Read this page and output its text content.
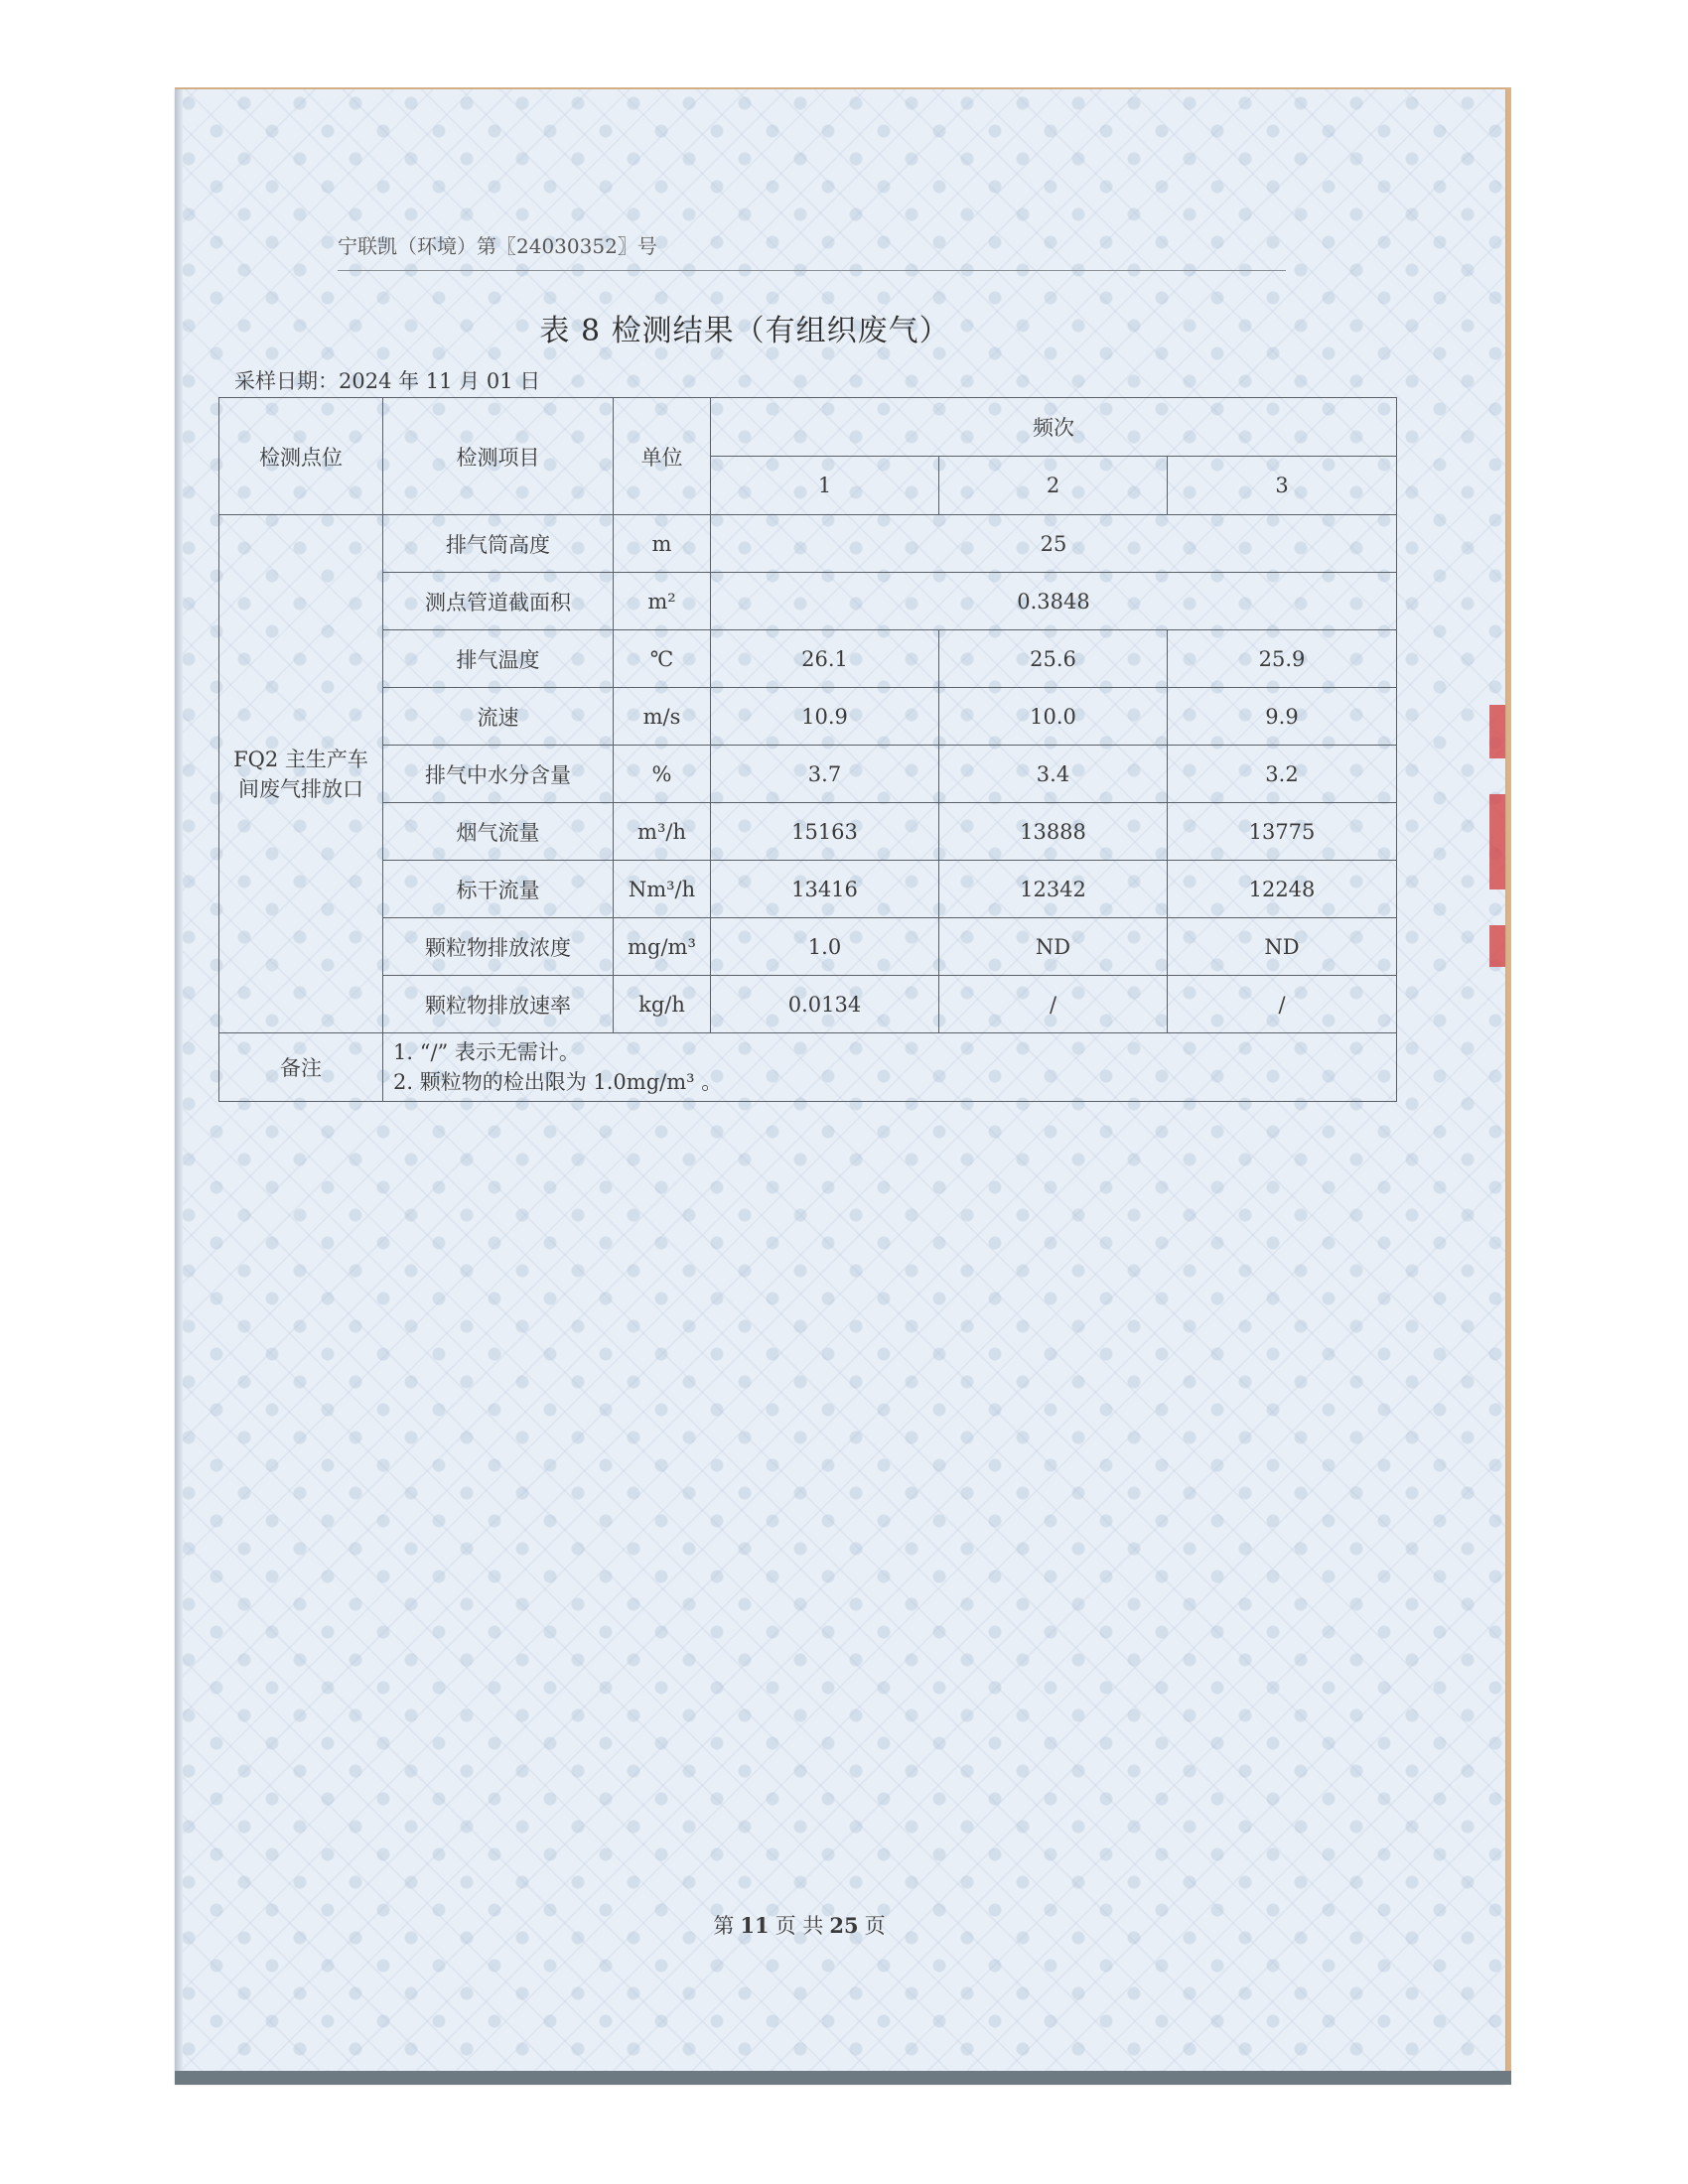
宁联凯（环境）第〖24030352〗号
表 8 检测结果（有组织废气）
采样日期：2024 年 11 月 01 日
检测点位	检测项目	单位	频次		
			1	2	3
FQ2 主生产车间废气排放口	排气筒高度	m	25		
	测点管道截面积	m²	0.3848		
	排气温度	℃	26.1	25.6	25.9
	流速	m/s	10.9	10.0	9.9
	排气中水分含量	%	3.7	3.4	3.2
	烟气流量	m³/h	15163	13888	13775
	标干流量	Nm³/h	13416	12342	12248
	颗粒物排放浓度	mg/m³	1.0	ND	ND
	颗粒物排放速率	kg/h	0.0134	/	/
备注	1. “/” 表示无需计。
2. 颗粒物的检出限为 1.0mg/m³ 。				
第 11 页 共 25 页
